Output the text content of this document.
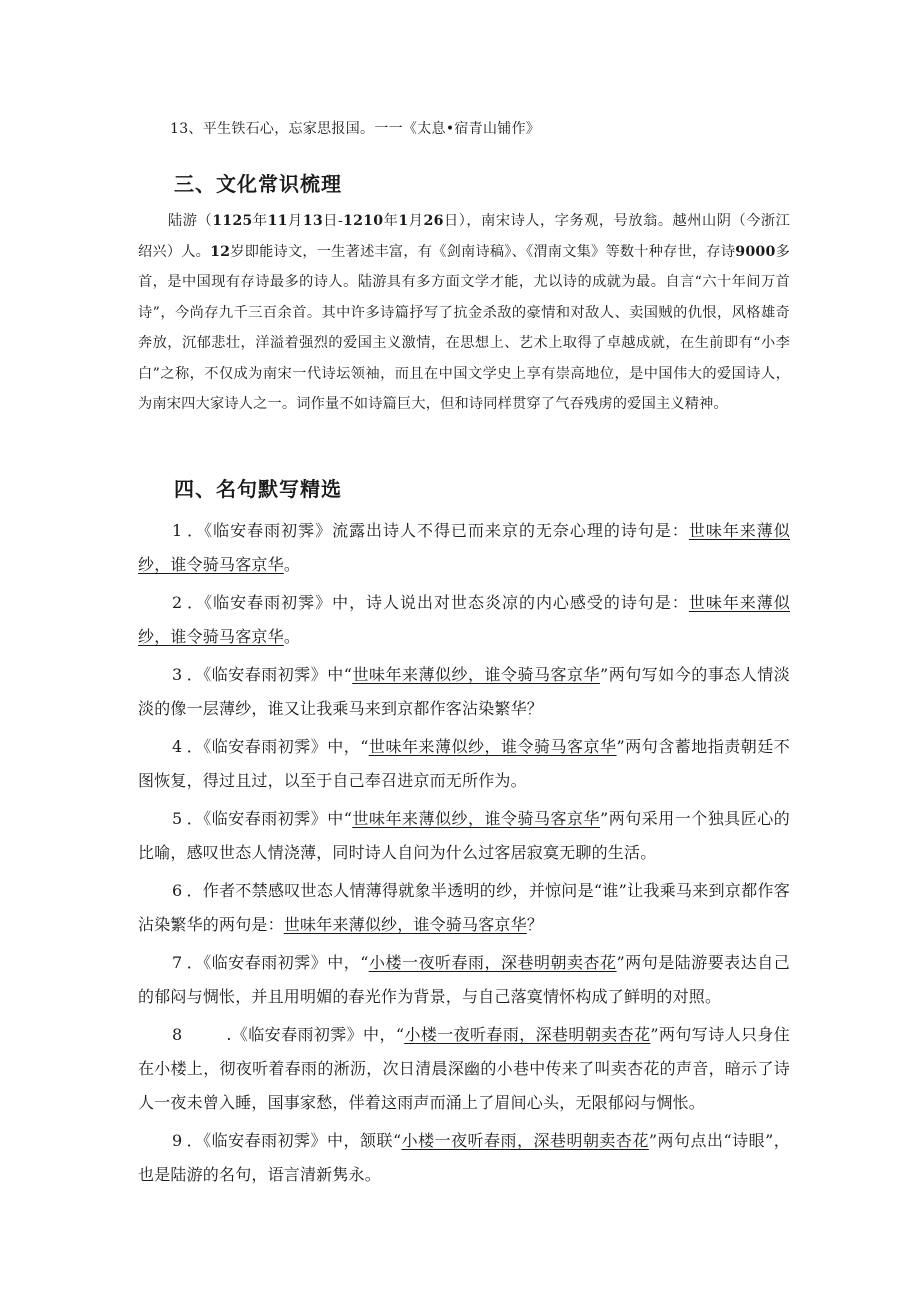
13、平生铁石心，忘家思报国。一一《太息•宿青山铺作》
三、文化常识梳理
陆游（1125年11月13日-1210年1月26日），南宋诗人，字务观，号放翁。越州山阴（今浙江绍兴）人。12岁即能诗文，一生著述丰富，有《剑南诗稿》、《渭南文集》等数十种存世，存诗9000多首，是中国现有存诗最多的诗人。陆游具有多方面文学才能，尤以诗的成就为最。自言“六十年间万首诗”，今尚存九千三百余首。其中许多诗篇抒写了抗金杀敌的豪情和对敌人、卖国贼的仇恨，风格雄奇奔放，沉郁悲壮，洋溢着强烈的爱国主义激情，在思想上、艺术上取得了卓越成就，在生前即有“小李白”之称，不仅成为南宋一代诗坛领袖，而且在中国文学史上享有崇高地位，是中国伟大的爱国诗人，为南宋四大家诗人之一。词作量不如诗篇巨大，但和诗同样贯穿了气吞残虏的爱国主义精神。
四、名句默写精选

1 ．《临安春雨初霁》流露出诗人不得已而来京的无奈心理的诗句是：世味年来薄似纱，谁令骑马客京华。

2 ．《临安春雨初霁》中，诗人说出对世态炎凉的内心感受的诗句是：世味年来薄似纱，谁令骑马客京华。

3 ．《临安春雨初霁》中“世味年来薄似纱，谁令骑马客京华”两句写如今的事态人情淡淡的像一层薄纱，谁又让我乘马来到京都作客沾染繁华？

4 ．《临安春雨初霁》中，“世味年来薄似纱，谁令骑马客京华”两句含蓄地指责朝廷不图恢复，得过且过，以至于自己奉召进京而无所作为。

5 ．《临安春雨初霁》中“世味年来薄似纱，谁令骑马客京华”两句采用一个独具匠心的比喻，感叹世态人情浇薄，同时诗人自问为什么过客居寂寞无聊的生活。

6 ．作者不禁感叹世态人情薄得就象半透明的纱，并惊问是“谁”让我乘马来到京都作客沾染繁华的两句是：世味年来薄似纱，谁令骑马客京华？

7 ．《临安春雨初霁》中，“小楼一夜听春雨，深巷明朝卖杏花”两句是陆游要表达自己的郁闷与惆怅，并且用明媚的春光作为背景，与自己落寞情怀构成了鲜明的对照。

8	.《临安春雨初霁》中，“小楼一夜听春雨，深巷明朝卖杏花”两句写诗人只身住在小楼上，彻夜听着春雨的淅沥，次日清晨深幽的小巷中传来了叫卖杏花的声音，暗示了诗人一夜未曾入睡，国事家愁，伴着这雨声而涌上了眉间心头，无限郁闷与惆怅。

9 ．《临安春雨初霁》中，颔联“小楼一夜听春雨，深巷明朝卖杏花”两句点出“诗眼”，也是陆游的名句，语言清新隽永。
